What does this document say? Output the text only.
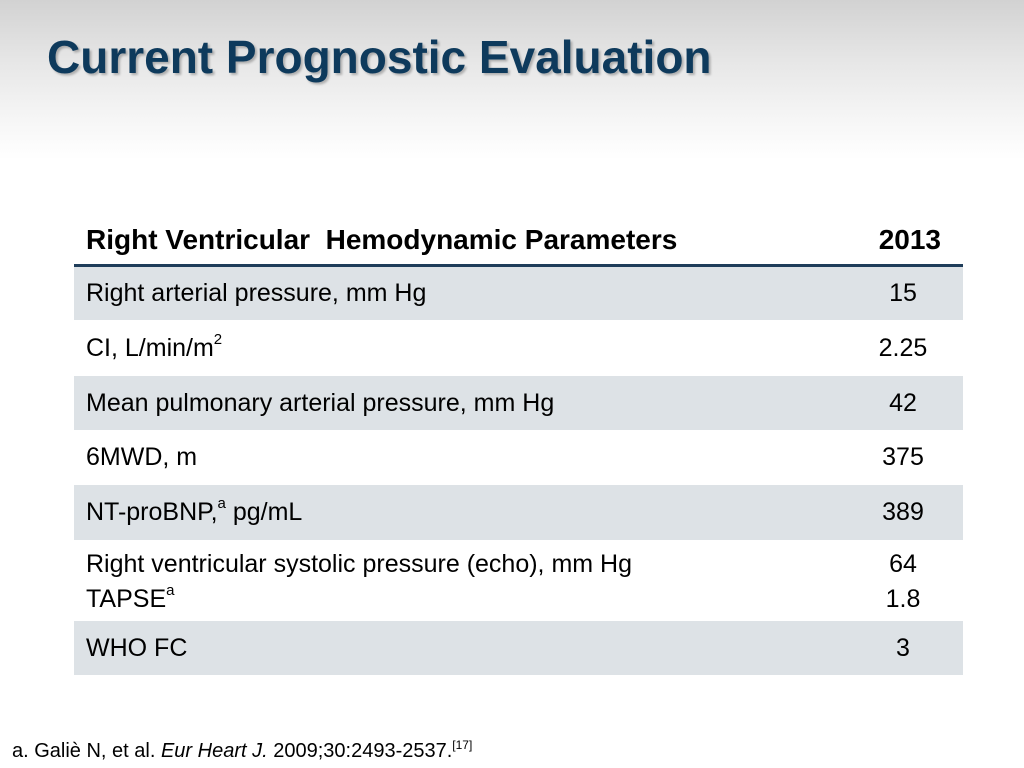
Current Prognostic Evaluation
Right Ventricular  Hemodynamic Parameters	2013
Right arterial pressure, mm Hg	15
CI, $L/\min/m^2$	2.25
Mean pulmonary arterial pressure, mm Hg	42
6MWD, m	375
NT-proBNP,$^a$ pg/mL	389
Right ventricular systolic pressure (echo), mm Hg	64
TAPSE$^a$	1.8
WHO FC	3
a. Galiè N, et al. Eur Heart J. 2009;30:2493-2537.[17]
